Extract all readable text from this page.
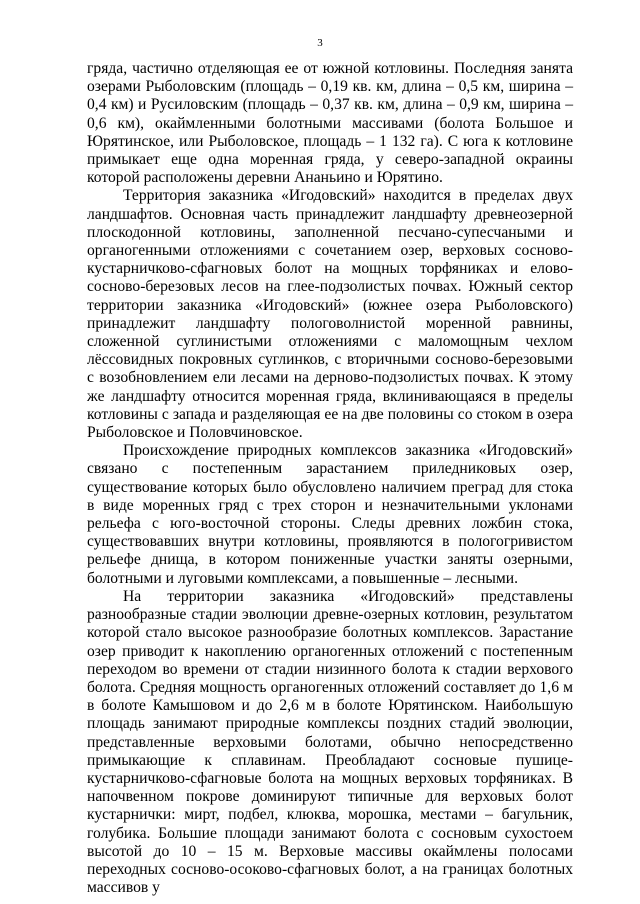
3

гряда, частично отделяющая ее от южной котловины. Последняя занята озерами Рыболовским (площадь – 0,19 кв. км, длина – 0,5 км, ширина – 0,4 км) и Русиловским (площадь – 0,37 кв. км, длина – 0,9 км, ширина – 0,6 км), окаймленными болотными массивами (болота Большое и Юрятинское, или Рыболовское, площадь – 1 132 га). С юга к котловине примыкает еще одна моренная гряда, у северо-западной окраины которой расположены деревни Ананьино и Юрятино.

Территория заказника «Игодовский» находится в пределах двух ландшафтов. Основная часть принадлежит ландшафту древнеозерной плоскодонной котловины, заполненной песчано-супесчаными и органогенными отложениями с сочетанием озер, верховых сосново-кустарничково-сфагновых болот на мощных торфяниках и елово-сосново-березовых лесов на глее-подзолистых почвах. Южный сектор территории заказника «Игодовский» (южнее озера Рыболовского) принадлежит ландшафту пологоволнистой моренной равнины, сложенной суглинистыми отложениями с маломощным чехлом лёссовидных покровных суглинков, с вторичными сосново-березовыми с возобновлением ели лесами на дерново-подзолистых почвах. К этому же ландшафту относится моренная гряда, вклинивающаяся в пределы котловины с запада и разделяющая ее на две половины со стоком в озера Рыболовское и Половчиновское.

Происхождение природных комплексов заказника «Игодовский» связано с постепенным зарастанием приледниковых озер, существование которых было обусловлено наличием преград для стока в виде моренных гряд с трех сторон и незначительными уклонами рельефа с юго-восточной стороны. Следы древних ложбин стока, существовавших внутри котловины, проявляются в пологогривистом рельефе днища, в котором пониженные участки заняты озерными, болотными и луговыми комплексами, а повышенные – лесными.

На территории заказника «Игодовский» представлены разнообразные стадии эволюции древне-озерных котловин, результатом которой стало высокое разнообразие болотных комплексов. Зарастание озер приводит к накоплению органогенных отложений с постепенным переходом во времени от стадии низинного болота к стадии верхового болота. Средняя мощность органогенных отложений составляет до 1,6 м в болоте Камышовом и до 2,6 м в болоте Юрятинском. Наибольшую площадь занимают природные комплексы поздних стадий эволюции, представленные верховыми болотами, обычно непосредственно примыкающие к сплавинам. Преобладают сосновые пушице-кустарничково-сфагновые болота на мощных верховых торфяниках. В напочвенном покрове доминируют типичные для верховых болот кустарнички: мирт, подбел, клюква, морошка, местами – багульник, голубика. Большие площади занимают болота с сосновым сухостоем высотой до 10 – 15 м. Верховые массивы окаймлены полосами переходных сосново-осоково-сфагновых болот, а на границах болотных массивов у
